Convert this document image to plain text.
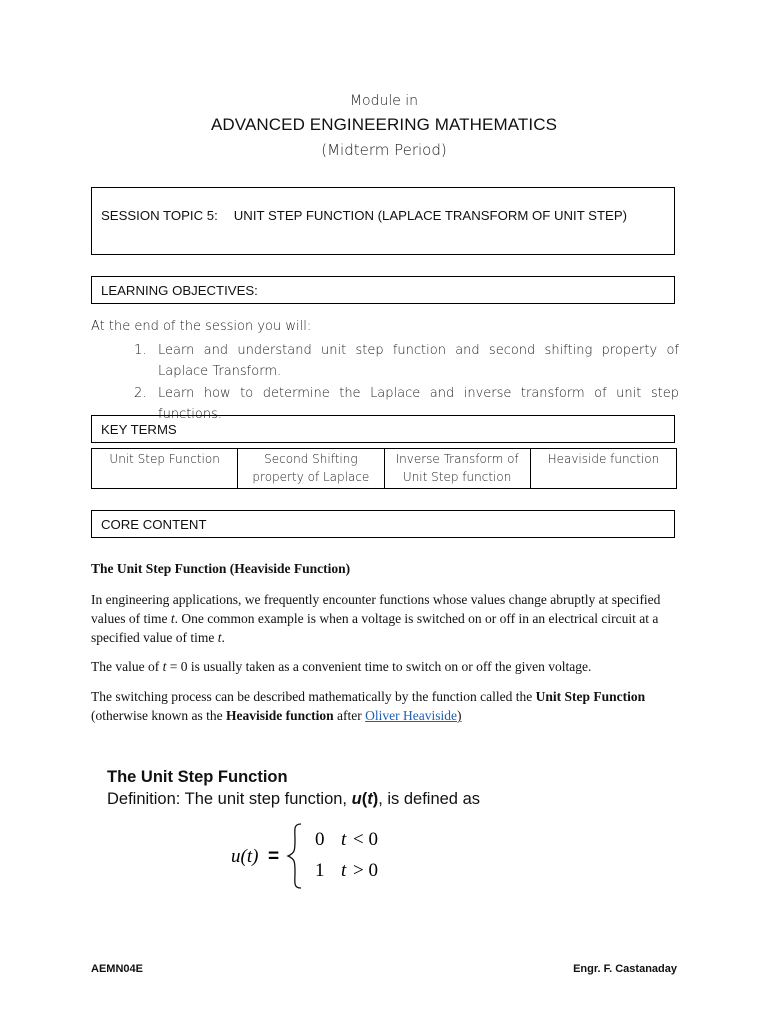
Module in
ADVANCED ENGINEERING MATHEMATICS
(Midterm Period)
SESSION TOPIC 5: UNIT STEP FUNCTION (LAPLACE TRANSFORM OF UNIT STEP)
LEARNING OBJECTIVES:
At the end of the session you will:
1. Learn and understand unit step function and second shifting property of Laplace Transform.
2. Learn how to determine the Laplace and inverse transform of unit step functions.
KEY TERMS
Unit Step Function	Second Shifting property of Laplace	Inverse Transform of Unit Step function	Heaviside function
CORE CONTENT
The Unit Step Function (Heaviside Function)
In engineering applications, we frequently encounter functions whose values change abruptly at specified values of time t. One common example is when a voltage is switched on or off in an electrical circuit at a specified value of time t.
The value of t = 0 is usually taken as a convenient time to switch on or off the given voltage.
The switching process can be described mathematically by the function called the Unit Step Function (otherwise known as the Heaviside function after Oliver Heaviside)
The Unit Step Function
Definition: The unit step function, u(t), is defined as
u(t) =
0 t < 0
1 t > 0
AEMN04E	Engr. F. Castanaday
